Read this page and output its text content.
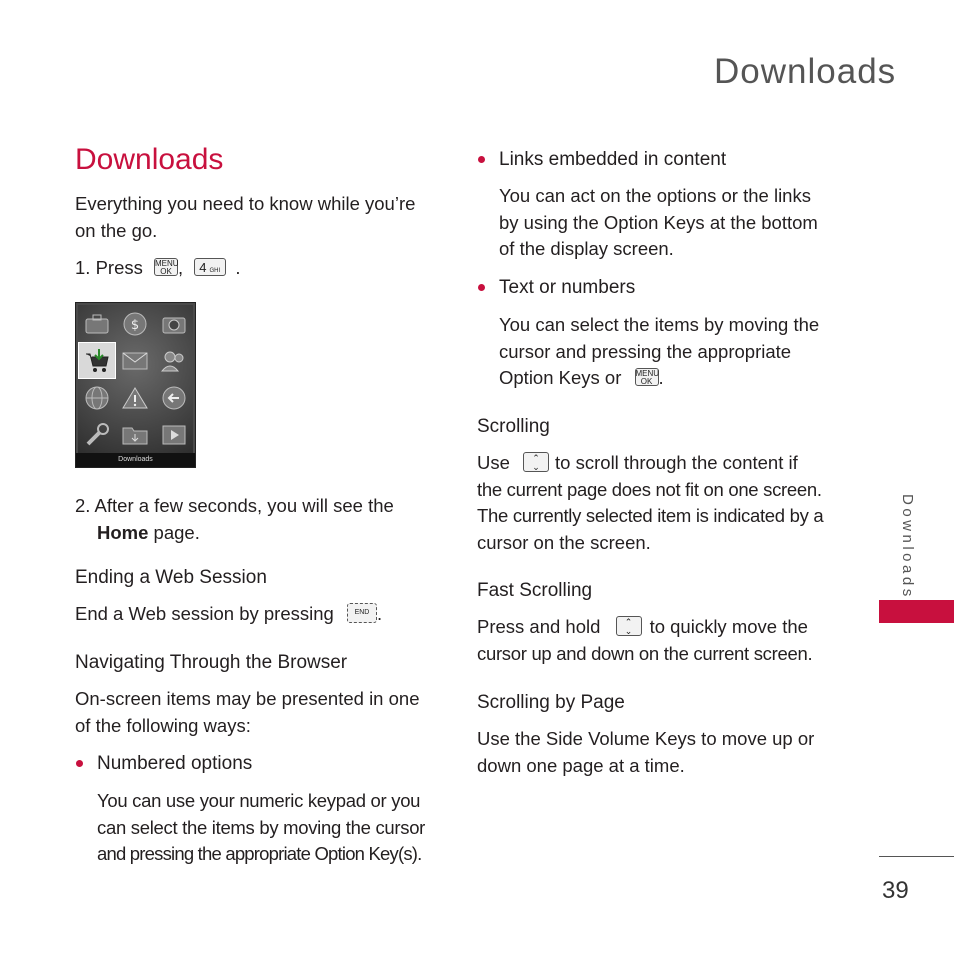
Downloads
Downloads
Everything you need to know while you’re
on the go.
1. Press MENU
OK , 4 GHI .
$
Downloads
2. After a few seconds, you will see the
Home page.
Ending a Web Session
End a Web session by pressing	END .
Navigating Through the Browser
On-screen items may be presented in one
of the following ways:
Numbered options
You can use your numeric keypad or you
can select the items by moving the cursor
and pressing the appropriate Option Key(s).
Links embedded in content
You can act on the options or the links
by using the Option Keys at the bottom
of the display screen.
Text or numbers
You can select the items by moving the
cursor and pressing the appropriate
Option Keys or MENU
OK .
Scrolling
Use ⌃
⌄ to scroll through the content if
the current page does not fit on one screen.
The currently selected item is indicated by a
cursor on the screen.
Fast Scrolling
Press and hold	⌃
⌄ to quickly move the
cursor up and down on the current screen.
Scrolling by Page
Use the Side Volume Keys to move up or
down one page at a time.
Downloads
39
